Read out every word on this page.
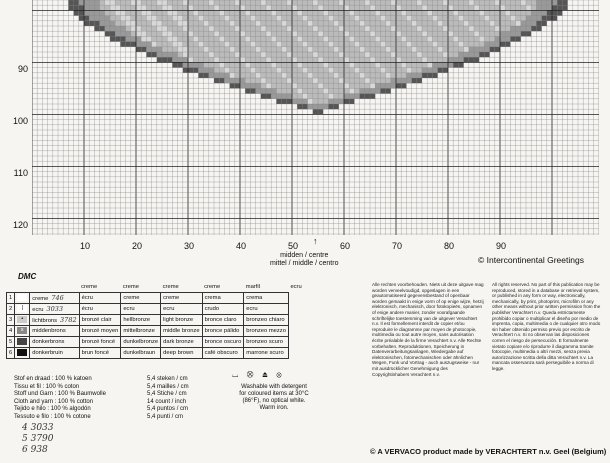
90
100
110
120
10	20	30	40	50	60	70	80	90
↑
midden / centre
mittel / middle / centro	© Intercontinental Greetings
DMC
			creme	creme	creme	creme	marfil	ecru
1		creme 746	écru	creme	creme	crema	crema	
2	|	ecru 3033	écru	ecru	ecru	crudo	ecru	
3	•	lichtbrons 3782	bronzé clair	hellbronze	light bronze	bronce claro	bronzeo chiaro	
4	x	middenbrons	bronzé moyen	mittelbronze	middle bronze	bronce pálido	bronzeo mezzo	
5		donkerbrons	bronzé foncé	dunkelbronze	dark bronze	bronce oscuro	bronzeo scuro	
6		donkerbruin	brun foncé	dunkelbraun	deep brown	café obscuro	marrone scuro	
Stof en draad : 100 % katoen
Tissu et fil : 100 % coton
Stoff und Garn : 100 % Baumwolle
Cloth and yarn : 100 % cotton
Tejido e hilo : 100 % algodón
Tessuto e filo : 100 % cotone
5,4 steken / cm
5,4 mailles / cm
5,4 Stiche / cm
14 count / inch
5,4 puntos / cm
5,4 punti / cm
Washable with detergent
for coloured items at 30°C
(86°F), no optical white.
Warm iron.
⌴ ⨂ ⏏ ⊗
4 3033
5 3790
6 938
Alle rechten voorbehouden. Niets uit deze uitgave mag worden verveelvoudigd, opgeslagen in een geautomatiseerd gegevensbestand of openbaar worden gemaakt in enige vorm of op enige wijze, hetzij elektronisch, mechanisch, door fotokopieën, opnamen of enige andere manier, zonder voorafgaande schriftelijke toestemming van de uitgever Verachtert n.v. Il est formellement interdit de copier et/ou reproduire le diagramme par moyen de photocopie, multimedia ou tout autre moyen, sans autorisation écrite préalable de la firme Verachtert n.v. Alle Rechte vorbehalten. Reproduktionen, Speicherung in Datenverarbeitungsanlagen, Wiedergabe auf elektronischen, fotomechanischen oder ähnlichen Wegen, Funk und Vortrag - auch auszugsweise - nur mit ausdrücklicher Genehmigung des Copyrightinhabers Verachtert n.v.
All rights reserved. No part of this publication may be reproduced, stored in a database or retrieval system, or published in any form or way, electronically, mechanically, by print, photoprint, microfilm or any other means without prior written permission from the publisher Verachtert n.v. Queda estrictamente prohibido copiar o multiplicar el diseño por medio de imprenta, copia, multimedia o de cualquier otro modo sin haber obtenido permiso previo por escrito de Verachtert n.v. Si no observan las disposiciones corren el riesgo de persecución. E formalmente vietato copiare e/o riprodurre il diagramma tramite fotocopie, multimedia o altri mezzi, senza previa autorizzazione scritta della ditta Verachtert n.v. La mancata osservanza sarà perseguibile a norma di legge.
© A VERVACO product made by VERACHTERT n.v. Geel (Belgium)
